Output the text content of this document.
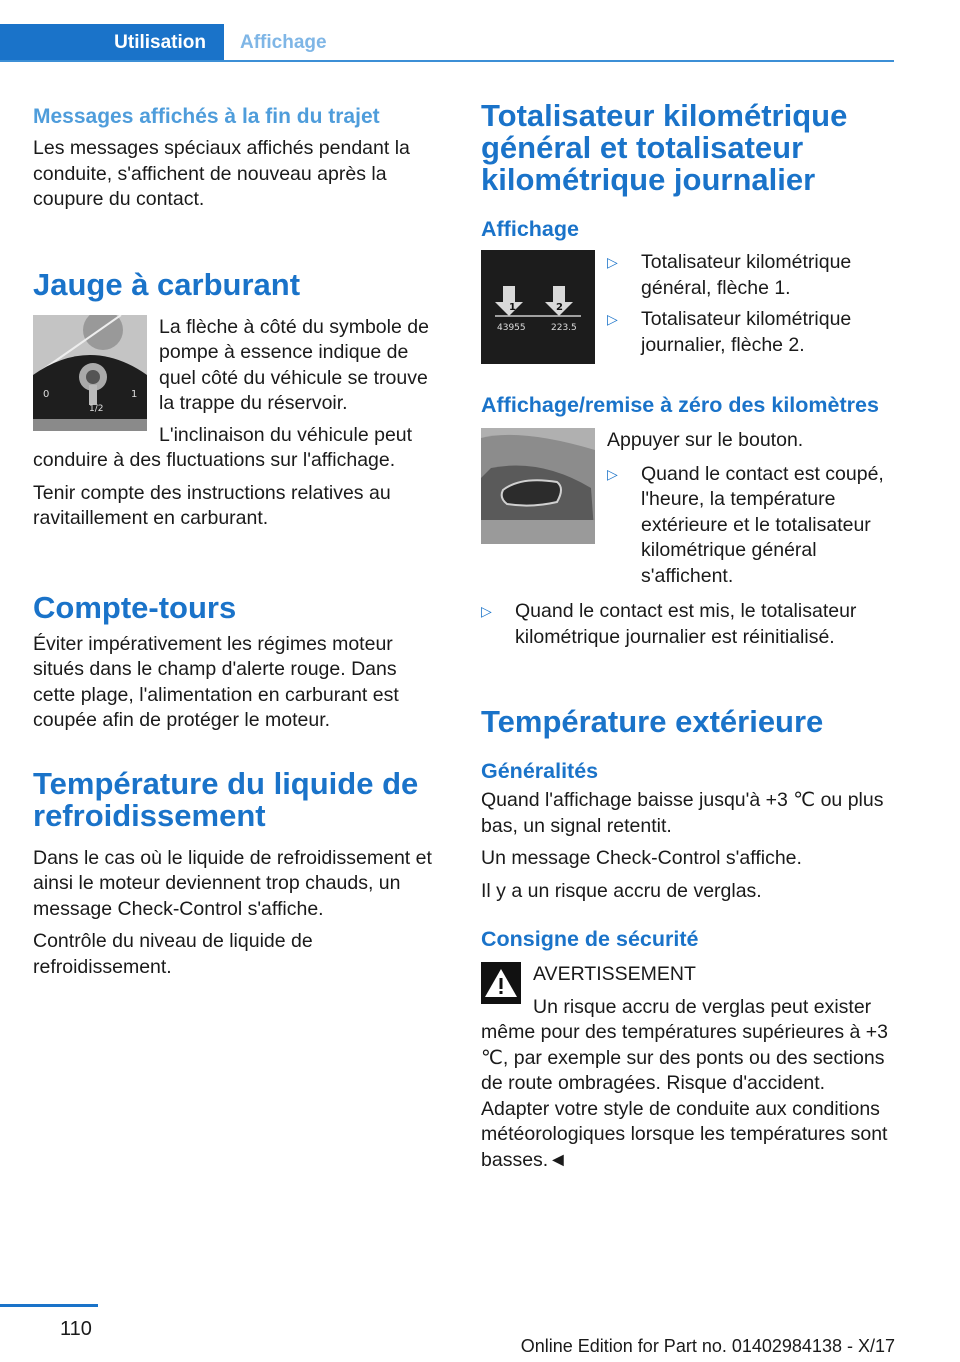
Utilisation Affichage

Messages affichés à la fin du trajet

Les messages spéciaux affichés pendant la conduite, s'affichent de nouveau après la coupure du contact.

Jauge à carburant
0
1/2
1

La flèche à côté du symbole de pompe à essence indique de quel côté du véhicule se trouve la trappe du réservoir.

L'inclinaison du véhicule peut

conduire à des fluctuations sur l'affichage.

Tenir compte des instructions relatives au ravitaillement en carburant.

Compte-tours

Éviter impérativement les régimes moteur situés dans le champ d'alerte rouge. Dans cette plage, l'alimentation en carburant est coupée afin de protéger le moteur.

Température du liquide de refroidissement

Dans le cas où le liquide de refroidissement et ainsi le moteur deviennent trop chauds, un message Check-Control s'affiche.

Contrôle du niveau de liquide de refroidissement.

Totalisateur kilométrique général et totalisateur kilométrique journalier

Affichage

1	2
43955	223.5
▷	Totalisateur kilométrique général, flèche 1.
▷	Totalisateur kilométrique journalier, flèche 2.

Affichage/remise à zéro des kilomètres

Appuyer sur le bouton.

▷	Quand le contact est coupé, l'heure, la température extérieure et le totalisateur kilométrique général s'affichent.
▷	Quand le contact est mis, le totalisateur kilométrique journalier est réinitialisé.
Température extérieure

Généralités

Quand l'affichage baisse jusqu'à +3 ℃ ou plus bas, un signal retentit.

Un message Check-Control s'affiche.

Il y a un risque accru de verglas.

Consigne de sécurité

AVERTISSEMENT

Un risque accru de verglas peut exister

même pour des températures supérieures à +3 ℃, par exemple sur des ponts ou des sections de route ombragées. Risque d'accident. Adapter votre style de conduite aux conditions météorologiques lorsque les températures sont basses.◄

110
Online Edition for Part no. 01402984138 - X/17
